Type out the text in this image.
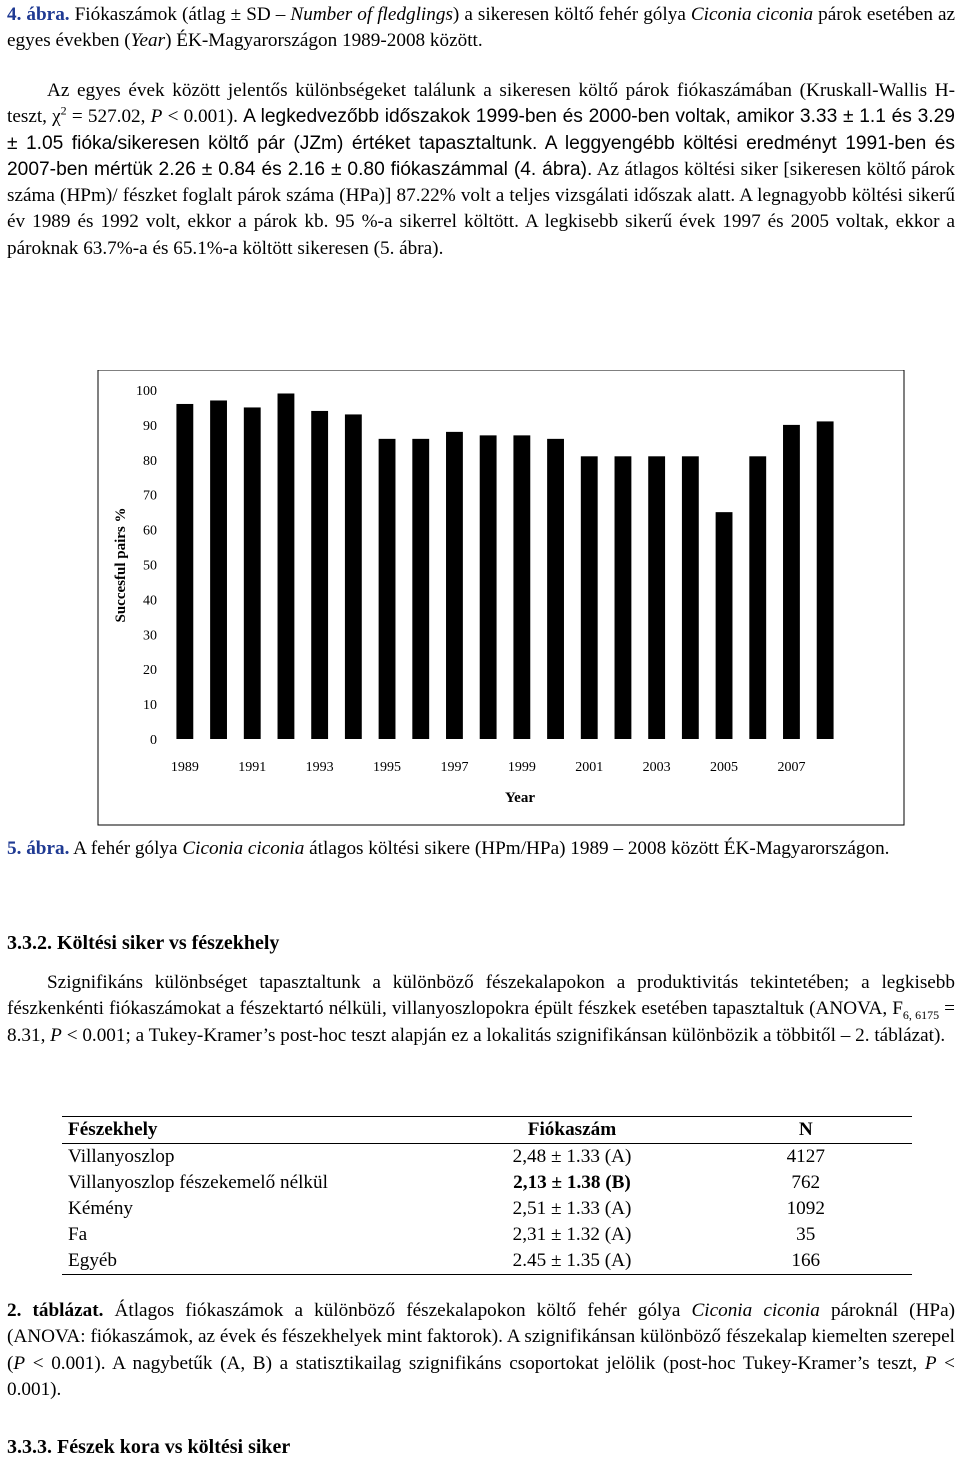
4. ábra. Fiókaszámok (átlag ± SD – Number of fledglings) a sikeresen költő fehér gólya Ciconia ciconia párok esetében az egyes években (Year) ÉK-Magyarországon 1989-2008 között.

Az egyes évek között jelentős különbségeket találunk a sikeresen költő párok fiókaszámában (Kruskall-Wallis H-teszt, $\chi^2 = 527.02$, P < 0.001). A legkedvezőbb időszakok 1999-ben és 2000-ben voltak, amikor 3.33 ± 1.1 és 3.29 ± 1.05 fióka/sikeresen költő pár (JZm) értéket tapasztaltunk. A leggyengébb költési eredményt 1991-ben és 2007-ben mértük 2.26 ± 0.84 és 2.16 ± 0.80 fiókaszámmal (4. ábra). Az átlagos költési siker [sikeresen költő párok száma (HPm)/ fészket foglalt párok száma (HPa)] 87.22% volt a teljes vizsgálati időszak alatt. A legnagyobb költési sikerű év 1989 és 1992 volt, ekkor a párok kb. 95 %-a sikerrel költött. A legkisebb sikerű évek 1997 és 2005 voltak, ekkor a pároknak 63.7%-a és 65.1%-a költött sikeresen (5. ábra).

0
10
20
30
40
50
60
70
80
90
100
Succesful pairs %
1989	1991	1993	1995	1997	1999	2001	2003	2005	2007
Year

5. ábra. A fehér gólya Ciconia ciconia átlagos költési sikere (HPm/HPa) 1989 – 2008 között ÉK-Magyarországon.

3.3.2. Költési siker vs fészekhely

Szignifikáns különbséget tapasztaltunk a különböző fészekalapokon a produktivitás tekintetében; a legkisebb fészkenkénti fiókaszámokat a fészektartó nélküli, villanyoszlopokra épült fészkek esetében tapasztaltuk (ANOVA, $F_{6, 6175} = 8.31$, P < 0.001; a Tukey-Kramer’s post-hoc teszt alapján ez a lokalitás szignifikánsan különbözik a többitől – 2. táblázat).

Fészekhely	Fiókaszám	N
Villanyoszlop	2,48 ± 1.33 (A)	4127
Villanyoszlop fészekemelő nélkül	2,13 ± 1.38 (B)	762
Kémény	2,51 ± 1.33 (A)	1092
Fa	2,31 ± 1.32 (A)	35
Egyéb	2.45 ± 1.35 (A)	166

2. táblázat. Átlagos fiókaszámok a különböző fészekalapokon költő fehér gólya Ciconia ciconia pároknál (HPa) (ANOVA: fiókaszámok, az évek és fészekhelyek mint faktorok). A szignifikánsan különböző fészekalap kiemelten szerepel (P < 0.001). A nagybetűk (A, B) a statisztikailag szignifikáns csoportokat jelölik (post-hoc Tukey-Kramer’s teszt, P < 0.001).

3.3.3. Fészek kora vs költési siker
